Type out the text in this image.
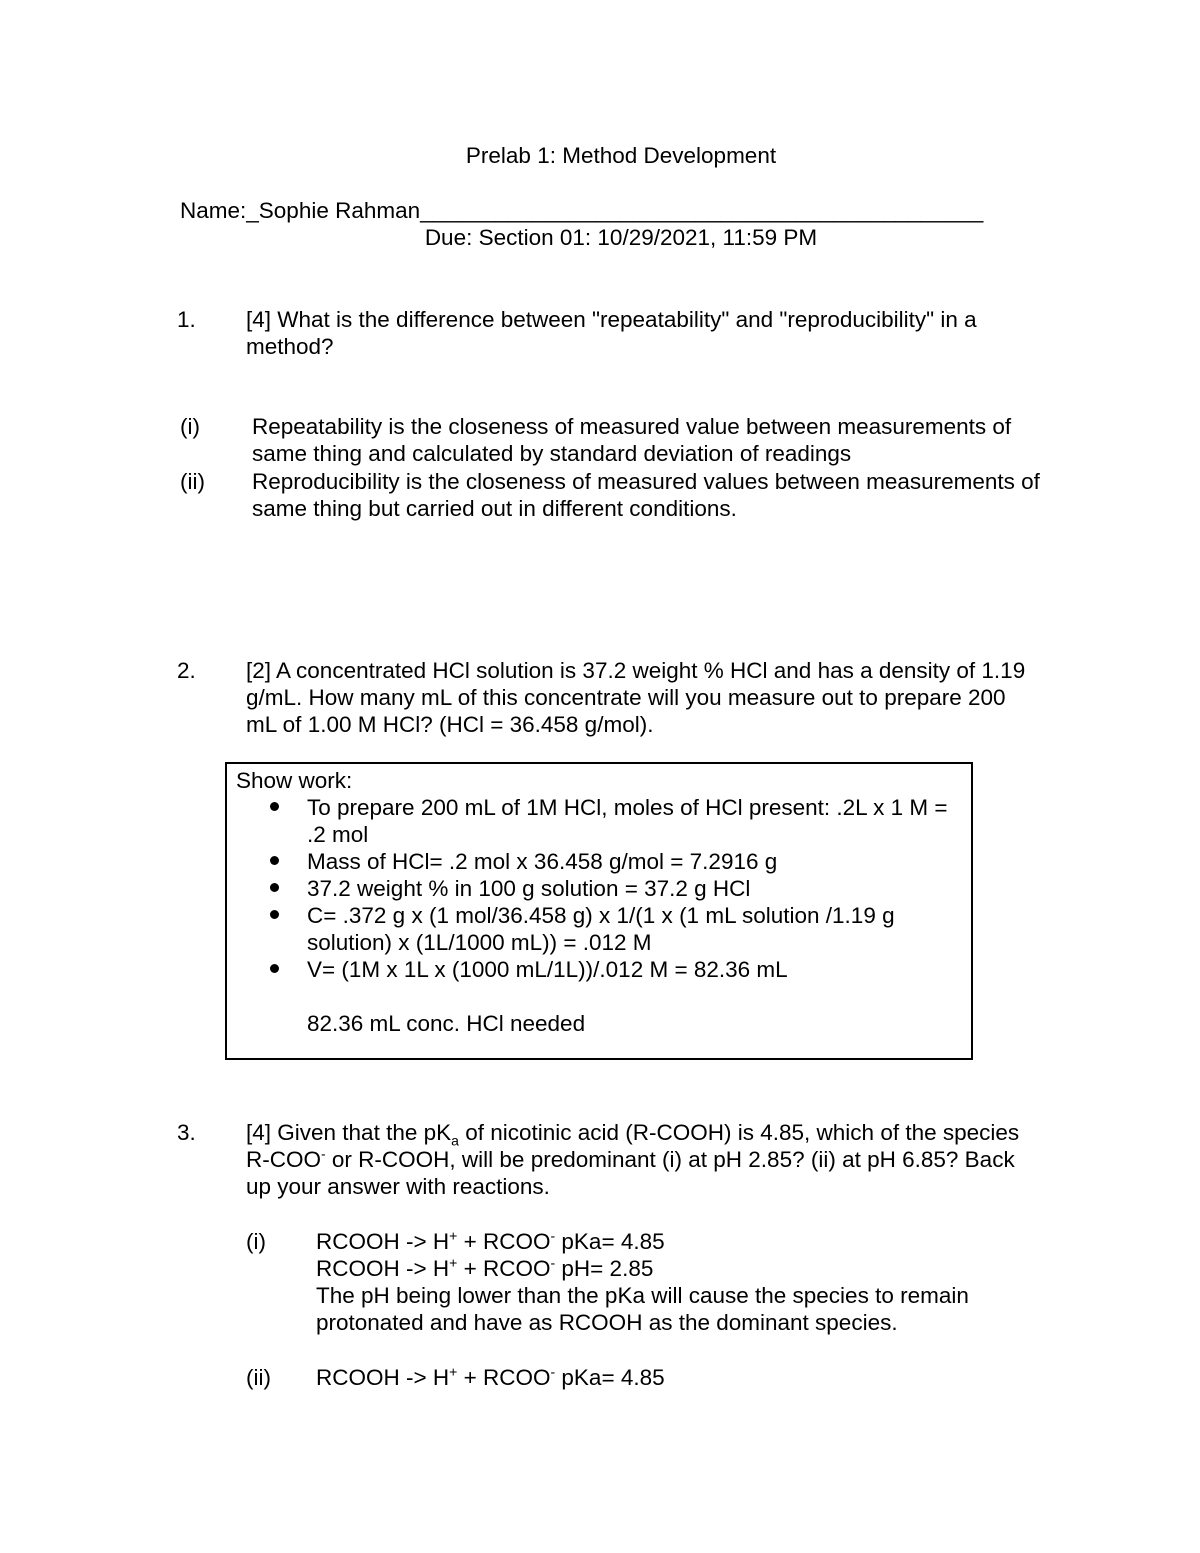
Prelab 1: Method Development
Name:_Sophie Rahman_____________________________________________
Due: Section 01: 10/29/2021, 11:59 PM
1. [4] What is the difference between "repeatability" and "reproducibility" in a method?
(i) Repeatability is the closeness of measured value between measurements of same thing and calculated by standard deviation of readings
(ii) Reproducibility is the closeness of measured values between measurements of same thing but carried out in different conditions.
2. [2] A concentrated HCl solution is 37.2 weight % HCl and has a density of 1.19 g/mL. How many mL of this concentrate will you measure out to prepare 200 mL of 1.00 M HCl? (HCl = 36.458 g/mol).
Show work:
To prepare 200 mL of 1M HCl, moles of HCl present: .2L x 1 M = .2 mol
Mass of HCl= .2 mol x 36.458 g/mol = 7.2916 g
37.2 weight % in 100 g solution = 37.2 g HCl
C= .372 g x (1 mol/36.458 g) x 1/(1 x (1 mL solution /1.19 g solution) x (1L/1000 mL)) = .012 M
V= (1M x 1L x (1000 mL/1L))/.012 M = 82.36 mL
82.36 mL conc. HCl needed
3. [4] Given that the $pK_a$ of nicotinic acid (R-COOH) is 4.85, which of the species R-COO- or R-COOH, will be predominant (i) at pH 2.85? (ii) at pH 6.85? Back up your answer with reactions.
(i) RCOOH -> H+ + RCOO- pKa= 4.85
RCOOH -> H+ + RCOO- pH= 2.85
The pH being lower than the pKa will cause the species to remain protonated and have as RCOOH as the dominant species.
(ii) RCOOH -> H+ + RCOO- pKa= 4.85
